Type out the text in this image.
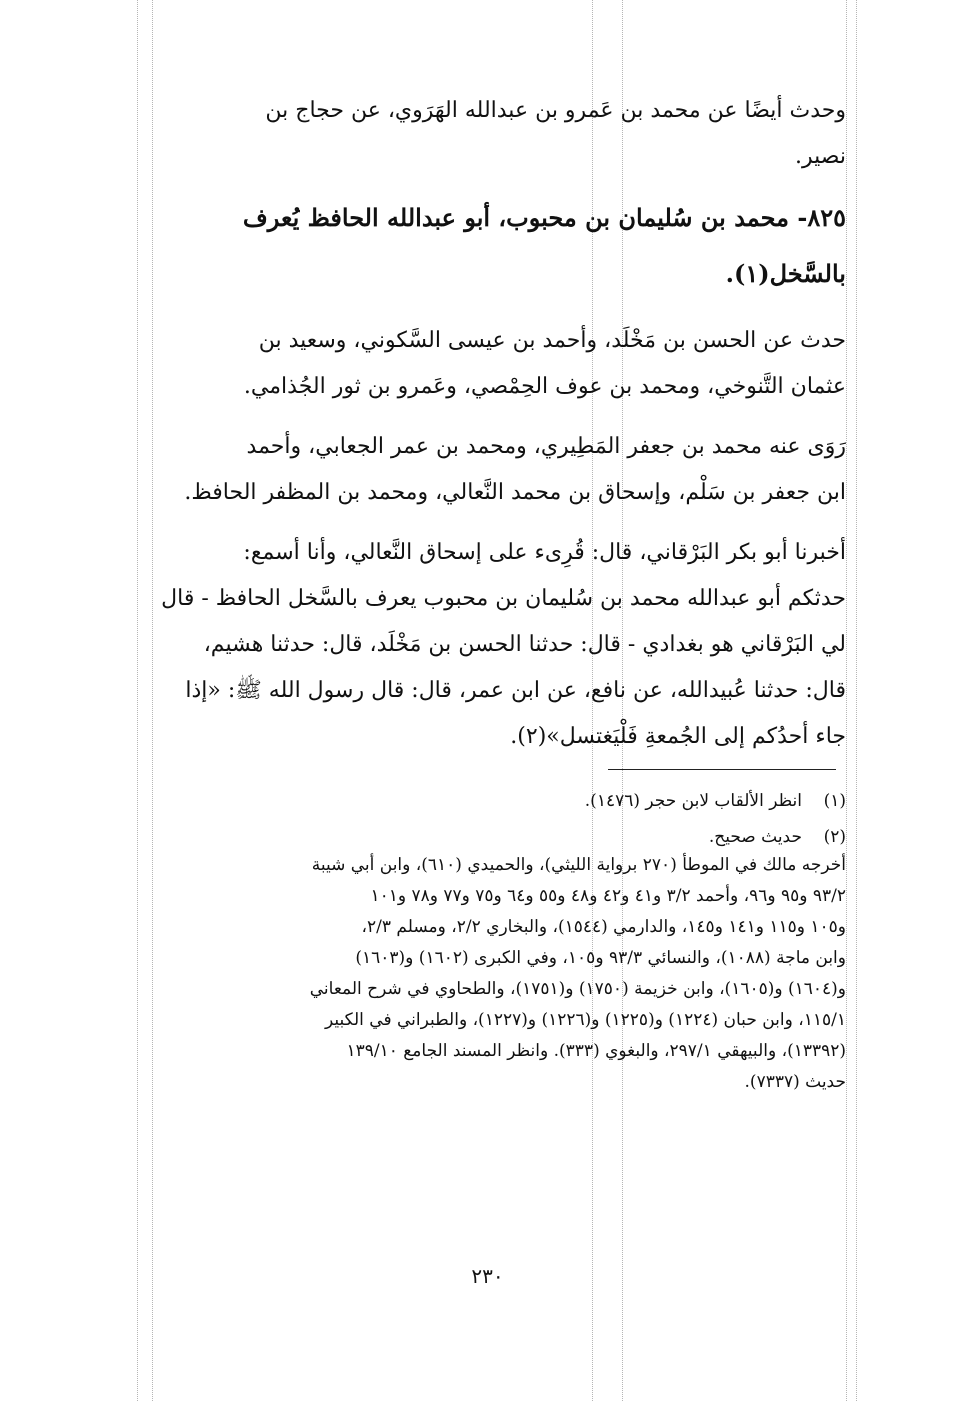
وحدث أيضًا عن محمد بن عَمرو بن عبدالله الهَرَوي، عن حجاج بن
نصير.
٨٢٥- محمد بن سُليمان بن محبوب، أبو عبدالله الحافظ يُعرف
بالسَّخل(١).
حدث عن الحسن بن مَخْلَد، وأحمد بن عيسى السَّكوني، وسعيد بن
عثمان التَّنوخي، ومحمد بن عوف الحِمْصي، وعَمرو بن ثور الجُذامي.
رَوَى عنه محمد بن جعفر المَطِيري، ومحمد بن عمر الجعابي، وأحمد
ابن جعفر بن سَلْم، وإسحاق بن محمد النَّعالي، ومحمد بن المظفر الحافظ.
أخبرنا أبو بكر البَرْقاني، قال: قُرِىء على إسحاق النَّعالي، وأنا أسمع:
حدثكم أبو عبدالله محمد بن سُليمان بن محبوب يعرف بالسَّخل الحافظ - قال
لي البَرْقاني هو بغدادي - قال: حدثنا الحسن بن مَخْلَد، قال: حدثنا هشيم،
قال: حدثنا عُبيدالله، عن نافع، عن ابن عمر، قال: قال رسول الله ﷺ: «إذا
جاء أحدُكم إلى الجُمعةِ فَلْيَغتسل»(٢).
(١)انظر الألقاب لابن حجر (١٤٧٦).
(٢)حديث صحيح.
أخرجه مالك في الموطأ (٢٧٠ برواية الليثي)، والحميدي (٦١٠)، وابن أبي شيبة
٩٣/٢ و٩٥ و٩٦، وأحمد ٣/٢ و٤١ و٤٢ و٤٨ و٥٥ و٦٤ و٧٥ و٧٧ و٧٨ و١٠١
و١٠٥ و١١٥ و١٤١ و١٤٥، والدارمي (١٥٤٤)، والبخاري ٢/٢، ومسلم ٢/٣،
وابن ماجة (١٠٨٨)، والنسائي ٩٣/٣ و١٠٥، وفي الكبرى (١٦٠٢) و(١٦٠٣)
و(١٦٠٤) و(١٦٠٥)، وابن خزيمة (١٧٥٠) و(١٧٥١)، والطحاوي في شرح المعاني
١١٥/١، وابن حبان (١٢٢٤) و(١٢٢٥) و(١٢٢٦) و(١٢٢٧)، والطبراني في الكبير
(١٣٣٩٢)، والبيهقي ٢٩٧/١، والبغوي (٣٣٣). وانظر المسند الجامع ١٣٩/١٠
حديث (٧٣٣٧).
٢٣٠
